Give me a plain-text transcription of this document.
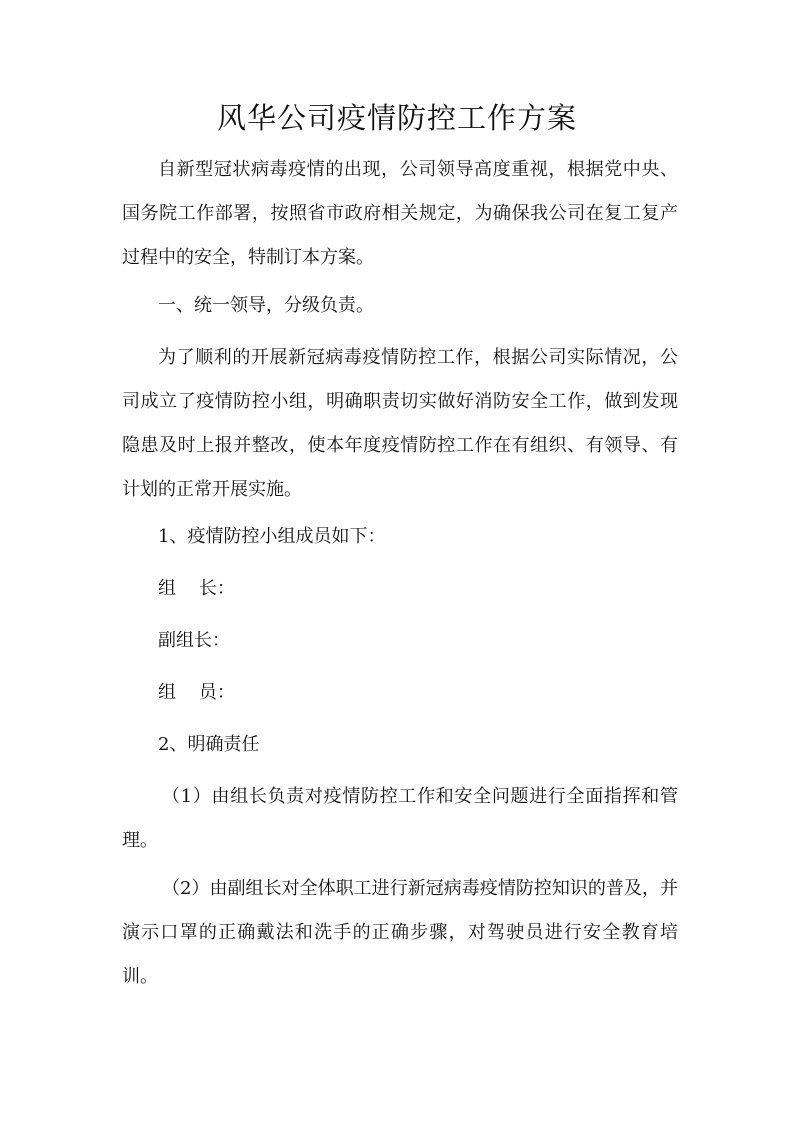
风华公司疫情防控工作方案
自新型冠状病毒疫情的出现，公司领导高度重视，根据党中央、国务院工作部署，按照省市政府相关规定，为确保我公司在复工复产过程中的安全，特制订本方案。
一、统一领导，分级负责。
为了顺利的开展新冠病毒疫情防控工作，根据公司实际情况，公司成立了疫情防控小组，明确职责切实做好消防安全工作，做到发现隐患及时上报并整改，使本年度疫情防控工作在有组织、有领导、有计划的正常开展实施。
1、疫情防控小组成员如下：
组    长：
副组长：
组    员：
2、明确责任
（1）由组长负责对疫情防控工作和安全问题进行全面指挥和管理。
（2）由副组长对全体职工进行新冠病毒疫情防控知识的普及，并演示口罩的正确戴法和洗手的正确步骤，对驾驶员进行安全教育培训。
